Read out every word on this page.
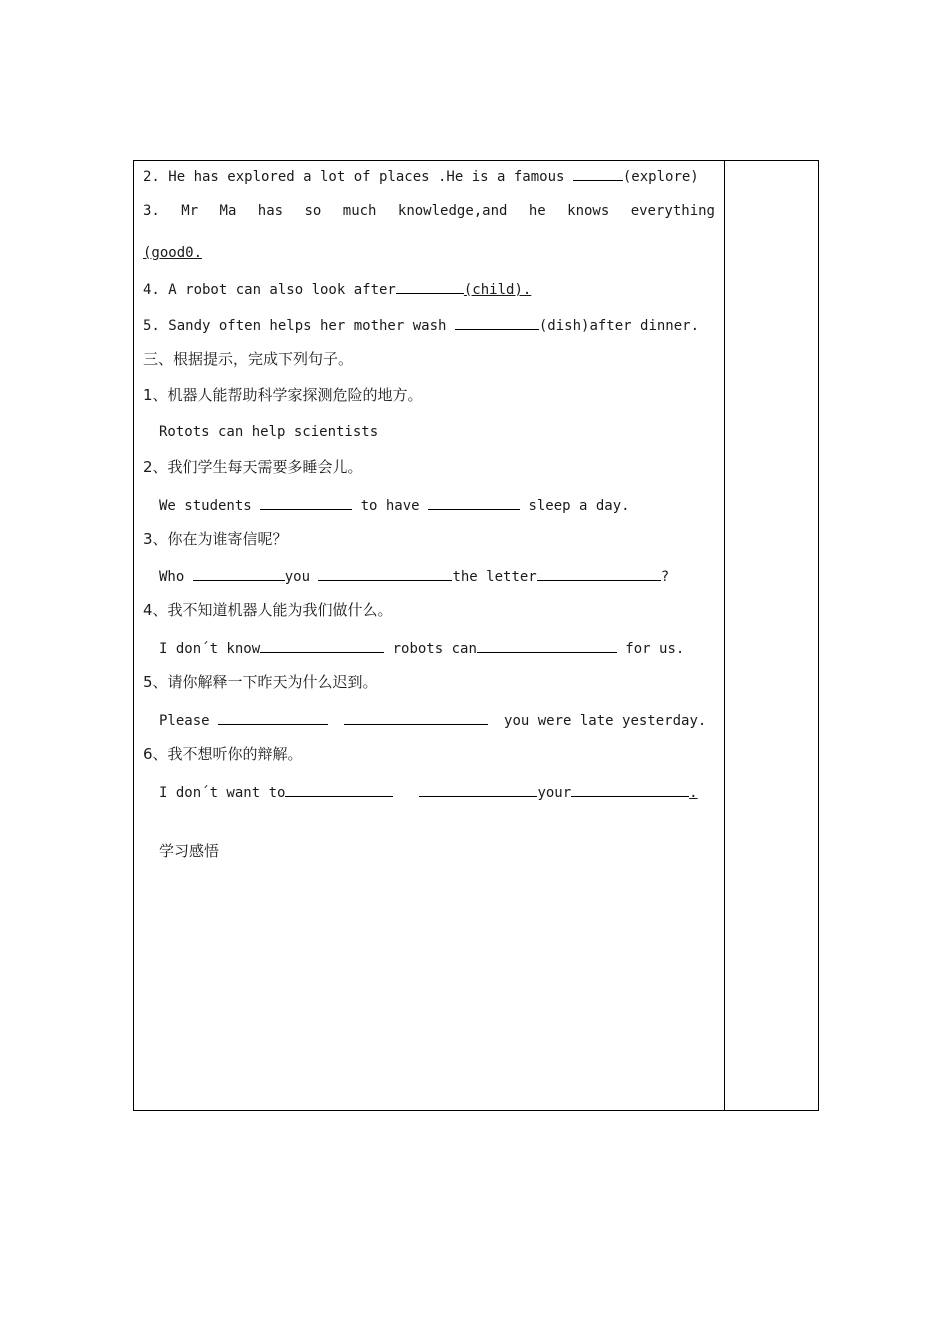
2. He has explored a lot of places .He is a famous	(explore)
3. Mr Ma has so much knowledge,and he knows everything
(good0.
4. A robot can also look after	(child).
5. Sandy often helps her mother wash	(dish)after dinner.
三、根据提示，完成下列句子。
1、机器人能帮助科学家探测危险的地方。
Rotots can help scientists
2、我们学生每天需要多睡会儿。
We students	to have	sleep a day.
3、你在为谁寄信呢？
Who	you	the letter	?
4、我不知道机器人能为我们做什么。
I don´t know	robots can	for us.
5、请你解释一下昨天为什么迟到。
Please	you were late yesterday.
6、我不想听你的辩解。
I don´t want to	your	.
学习感悟
